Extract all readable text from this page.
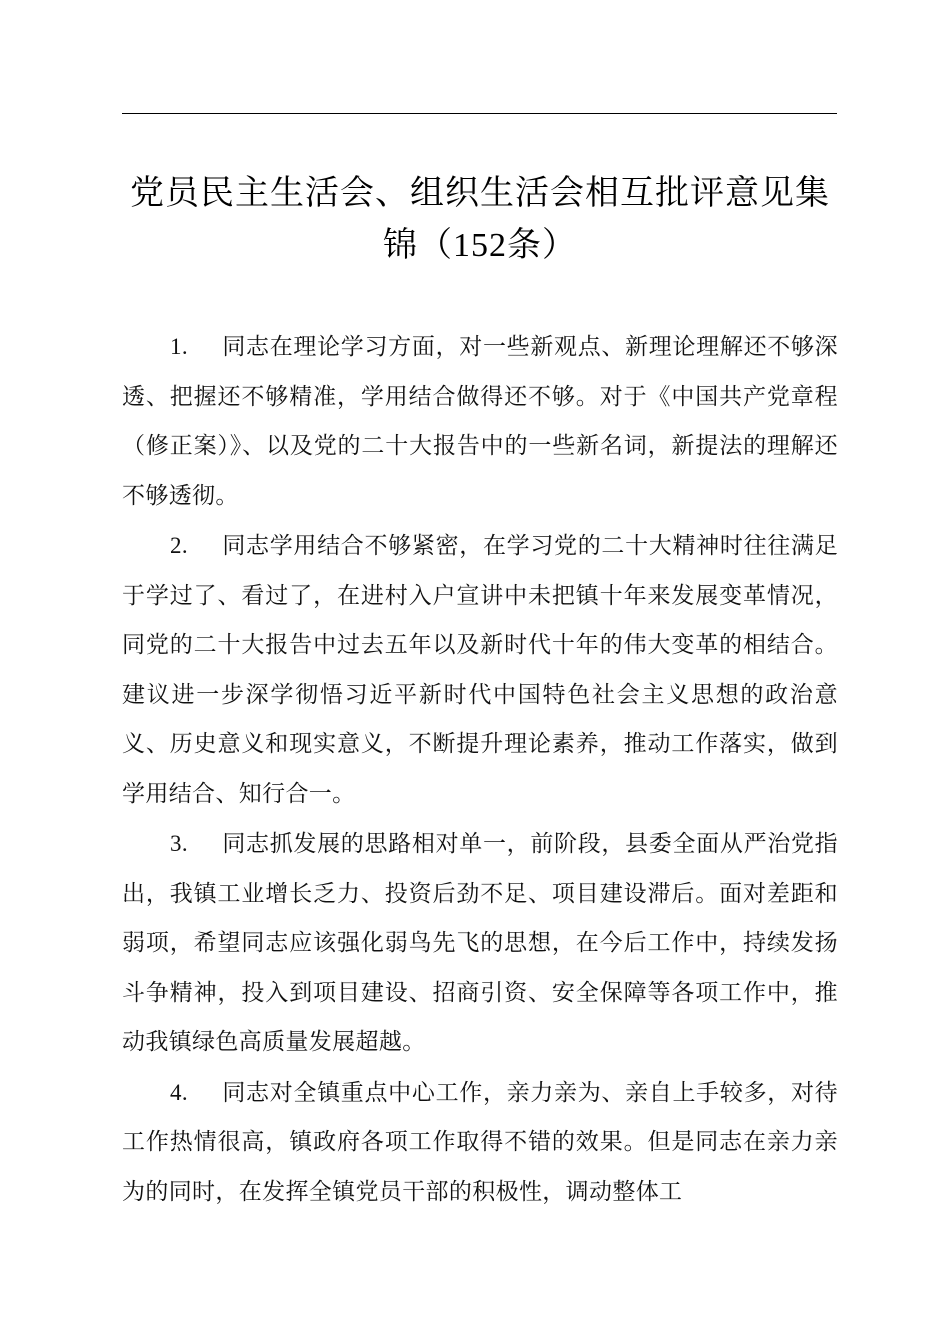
党员民主生活会、组织生活会相互批评意见集
锦（152条）

1. 同志在理论学习方面，对一些新观点、新理论理解还不够深透、把握还不够精准，学用结合做得还不够。对于《中国共产党章程（修正案）》、以及党的二十大报告中的一些新名词，新提法的理解还不够透彻。

2. 同志学用结合不够紧密，在学习党的二十大精神时往往满足于学过了、看过了，在进村入户宣讲中未把镇十年来发展变革情况，同党的二十大报告中过去五年以及新时代十年的伟大变革的相结合。建议进一步深学彻悟习近平新时代中国特色社会主义思想的政治意义、历史意义和现实意义，不断提升理论素养，推动工作落实，做到学用结合、知行合一。

3. 同志抓发展的思路相对单一，前阶段，县委全面从严治党指出，我镇工业增长乏力、投资后劲不足、项目建设滞后。面对差距和弱项，希望同志应该强化弱鸟先飞的思想，在今后工作中，持续发扬斗争精神，投入到项目建设、招商引资、安全保障等各项工作中，推动我镇绿色高质量发展超越。

4. 同志对全镇重点中心工作，亲力亲为、亲自上手较多，对待工作热情很高，镇政府各项工作取得不错的效果。但是同志在亲力亲为的同时，在发挥全镇党员干部的积极性，调动整体工
